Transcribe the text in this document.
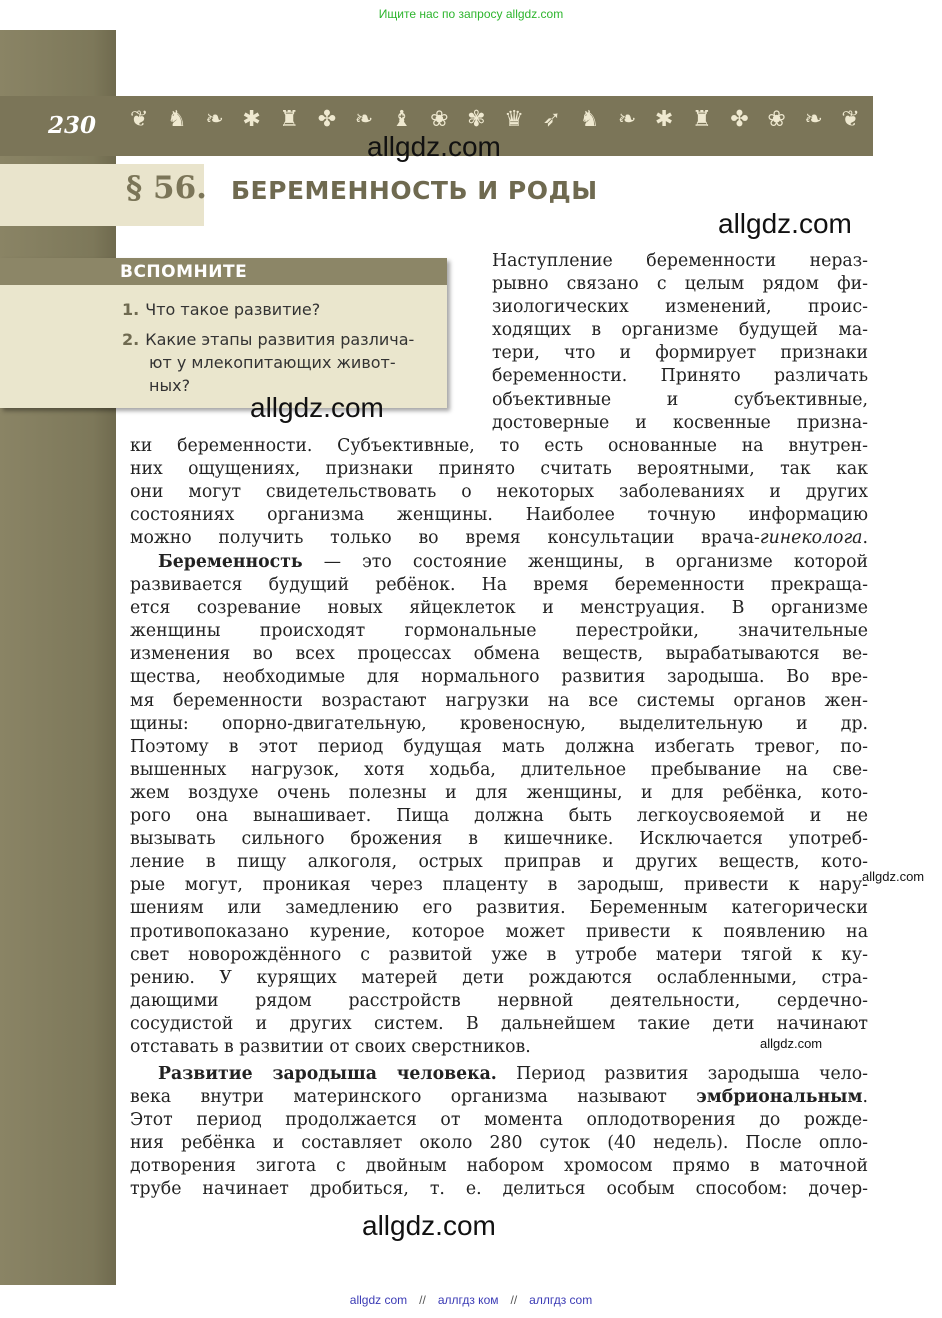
Ищите нас по запросу allgdz.com
230 ❦ ♞ ❧ ✱ ♜ ✤ ❧ ♝ ❀ ✾ ♛ ➶ ♞ ❧ ✱ ♜ ✤ ❀ ❧ ❦
§ 56. БЕРЕМЕННОСТЬ И РОДЫ
ВСПОМНИТЕ
1. Что такое развитие?
2. Какие этапы развития различа-
ют у млекопитающих живот-
ных?
Наступление беременности нераз-
рывно связано с целым рядом фи-
зиологических изменений, проис-
ходящих в организме будущей ма-
тери, что и формирует признаки
беременности. Принято различать
объективные и субъективные,
достоверные и косвенные призна-
ки беременности. Субъективные, то есть основанные на внутрен-
них ощущениях, признаки принято считать вероятными, так как
они могут свидетельствовать о некоторых заболеваниях и других
состояниях организма женщины. Наиболее точную информацию
можно получить только во время консультации врача-гинеколога.
Беременность — это состояние женщины, в организме которой
развивается будущий ребёнок. На время беременности прекраща-
ется созревание новых яйцеклеток и менструация. В организме
женщины происходят гормональные перестройки, значительные
изменения во всех процессах обмена веществ, вырабатываются ве-
щества, необходимые для нормального развития зародыша. Во вре-
мя беременности возрастают нагрузки на все системы органов жен-
щины: опорно-двигательную, кровеносную, выделительную и др.
Поэтому в этот период будущая мать должна избегать тревог, по-
вышенных нагрузок, хотя ходьба, длительное пребывание на све-
жем воздухе очень полезны и для женщины, и для ребёнка, кото-
рого она вынашивает. Пища должна быть легкоусвояемой и не
вызывать сильного брожения в кишечнике. Исключается употреб-
ление в пищу алкоголя, острых приправ и других веществ, кото-
рые могут, проникая через плаценту в зародыш, привести к нару-
шениям или замедлению его развития. Беременным категорически
противопоказано курение, которое может привести к появлению на
свет новорождённого с развитой уже в утробе матери тягой к ку-
рению. У курящих матерей дети рождаются ослабленными, стра-
дающими рядом расстройств нервной деятельности, сердечно-
сосудистой и других систем. В дальнейшем такие дети начинают
отставать в развитии от своих сверстников.
Развитие зародыша человека. Период развития зародыша чело-
века внутри материнского организма называют эмбриональным.
Этот период продолжается от момента оплодотворения до рожде-
ния ребёнка и составляет около 280 суток (40 недель). После опло-
дотворения зигота с двойным набором хромосом прямо в маточной
трубе начинает дробиться, т. е. делиться особым способом: дочер-
allgdz.com
allgdz.com
allgdz.com
allgdz.com
allgdz.com
allgdz.com
allgdz com // аллгдз ком // аллгдз com
